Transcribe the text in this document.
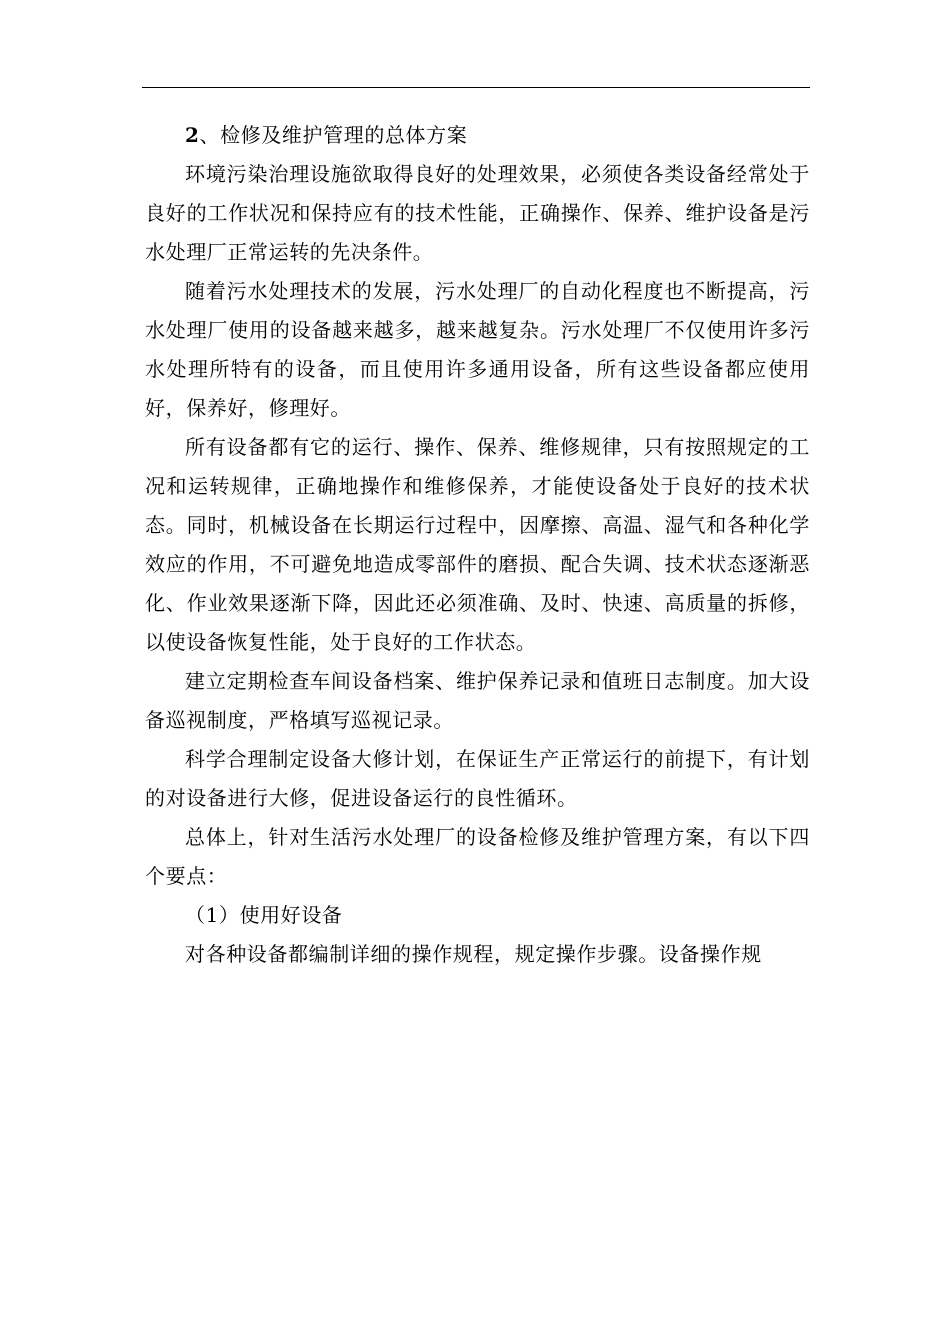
2、检修及维护管理的总体方案

环境污染治理设施欲取得良好的处理效果，必须使各类设备经常处于良好的工作状况和保持应有的技术性能，正确操作、保养、维护设备是污水处理厂正常运转的先决条件。

随着污水处理技术的发展，污水处理厂的自动化程度也不断提高，污水处理厂使用的设备越来越多，越来越复杂。污水处理厂不仅使用许多污水处理所特有的设备，而且使用许多通用设备，所有这些设备都应使用好，保养好，修理好。

所有设备都有它的运行、操作、保养、维修规律，只有按照规定的工况和运转规律，正确地操作和维修保养，才能使设备处于良好的技术状态。同时，机械设备在长期运行过程中，因摩擦、高温、湿气和各种化学效应的作用，不可避免地造成零部件的磨损、配合失调、技术状态逐渐恶化、作业效果逐渐下降，因此还必须准确、及时、快速、高质量的拆修，以使设备恢复性能，处于良好的工作状态。

建立定期检查车间设备档案、维护保养记录和值班日志制度。加大设备巡视制度，严格填写巡视记录。

科学合理制定设备大修计划，在保证生产正常运行的前提下，有计划的对设备进行大修，促进设备运行的良性循环。

总体上，针对生活污水处理厂的设备检修及维护管理方案，有以下四个要点：

（1）使用好设备

对各种设备都编制详细的操作规程，规定操作步骤。设备操作规
